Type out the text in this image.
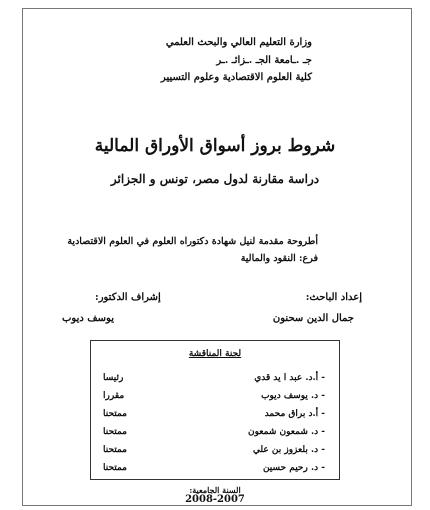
وزارة التعليم العالي والبحث العلمي
جـ .ـامعة الجـ .ـزائـ .ـر
كلية العلوم الاقتصادية وعلوم التسيير
شروط بروز أسواق الأوراق المالية
دراسة مقارنة لدول مصر، تونس و الجزائر
أطروحة مقدمة لنيل شهادة دكتوراه العلوم في العلوم الاقتصادية
فرع: النقود والمالية
إعداد الباحث:
إشراف الدكتور:
جمال الدين سحنون
يوسف ديوب
لجنة المناقشة
- أ.د. عبد ا يد قدي
رئيسا
- د. يوسف ديوب
مقررا
- أ.د براق محمد
ممتحنا
- د. شمعون شمعون
ممتحنا
- د. بلعزوز بن علي
ممتحنا
- د. رحيم حسين
ممتحنا
السنة الجامعية:
2008-2007
